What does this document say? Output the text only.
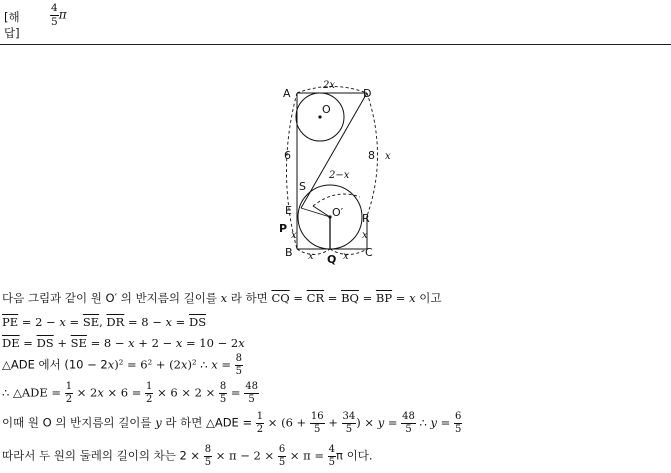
[해답]
$\frac{4}{5}$ π
A	D
O
S
E	O′ R
P
B
Q
C
2x
6	8 x
2−x
x	x
x	x
다음 그림과 같이 원 O′ 의 반지름의 길이를 x 라 하면 $\overline{CQ} = \overline{CR} = \overline{BQ} = \overline{BP} = x$ 이고
$\overline{PE} = 2 - x = \overline{SE}$, $\overline{DR} = 8 - x = \overline{DS}$
$\overline{DE} = \overline{DS} + \overline{SE} = 8 - x + 2 - x = 10 - 2x$
△ADE 에서 (10 − 2x)² = 6² + (2x)² ∴ $x = \frac{8}{5}$
∴ △ADE = $\frac{1}{2} \times 2x \times 6 = \frac{1}{2} \times 6 \times 2 \times \frac{8}{5} = \frac{48}{5}$
이때 원 O 의 반지름의 길이를 y 라 하면 △ADE = $\frac{1}{2} \times (6 + \frac{16}{5} + \frac{34}{5}$ ) × $y = \frac{48}{5}$ ∴ $y = \frac{6}{5}$
따라서 두 원의 둘레의 길이의 차는 $2 \times \frac{8}{5} \times \pi - 2 \times \frac{6}{5} \times \pi = \frac{4}{5}$ π 이다.
